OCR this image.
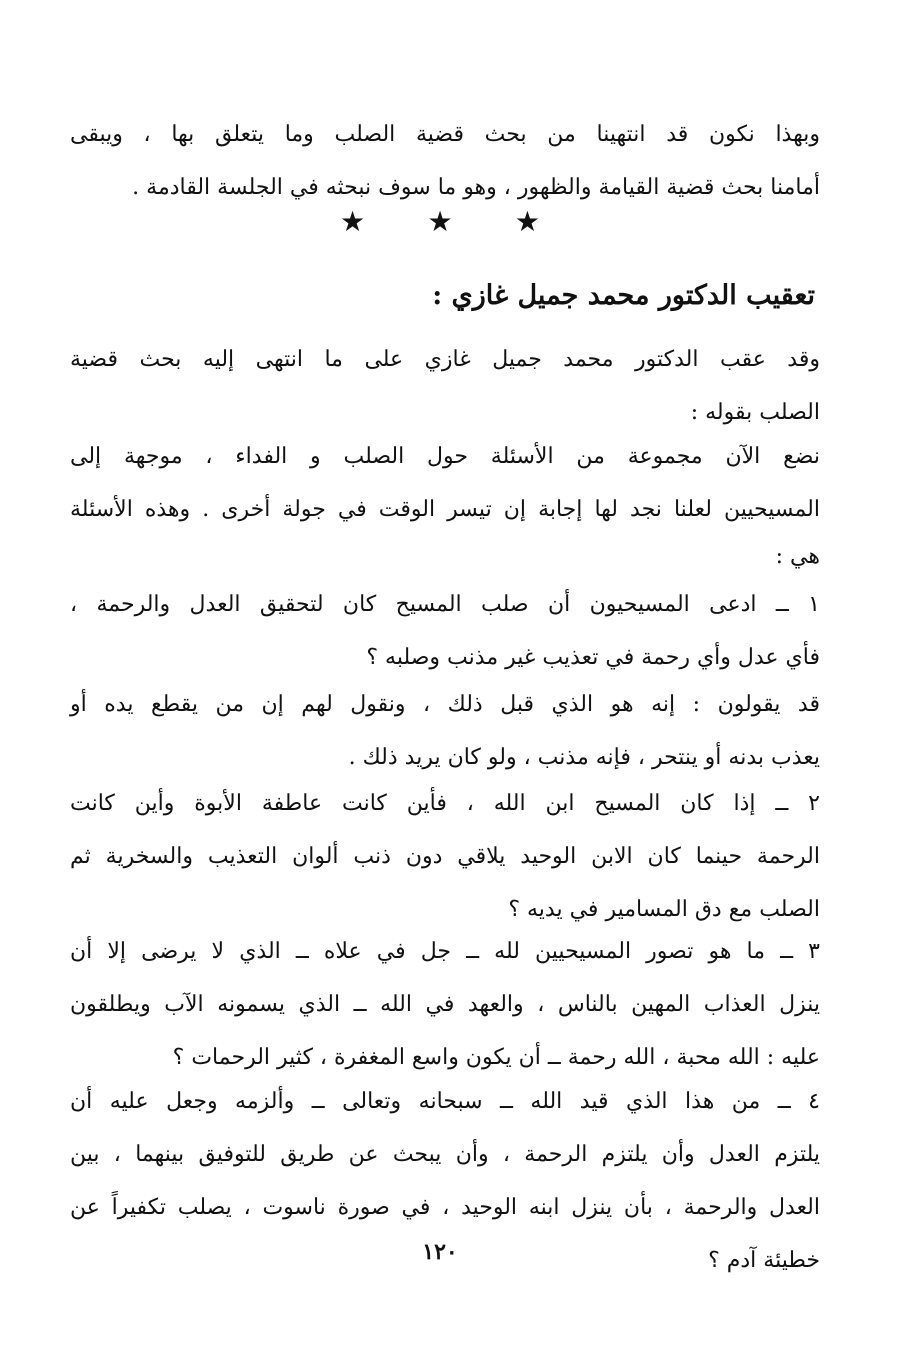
وبهذا نكون قد انتهينا من بحث قضية الصلب وما يتعلق بها ، ويبقى
أمامنا بحث قضية القيامة والظهور ، وهو ما سوف نبحثه في الجلسة القادمة .
★ ★ ★
تعقيب الدكتور محمد جميل غازي :
وقد عقب الدكتور محمد جميل غازي على ما انتهى إليه بحث قضية
الصلب بقوله :
نضع الآن مجموعة من الأسئلة حول الصلب و الفداء ، موجهة إلى
المسيحيين لعلنا نجد لها إجابة إن تيسر الوقت في جولة أخرى . وهذه الأسئلة
هي :
١ ــ ادعى المسيحيون أن صلب المسيح كان لتحقيق العدل والرحمة ،
فأي عدل وأي رحمة في تعذيب غير مذنب وصلبه ؟
قد يقولون : إنه هو الذي قبل ذلك ، ونقول لهم إن من يقطع يده أو
يعذب بدنه أو ينتحر ، فإنه مذنب ، ولو كان يريد ذلك .
٢ ــ إذا كان المسيح ابن الله ، فأين كانت عاطفة الأبوة وأين كانت
الرحمة حينما كان الابن الوحيد يلاقي دون ذنب ألوان التعذيب والسخرية ثم
الصلب مع دق المسامير في يديه ؟
٣ ــ ما هو تصور المسيحيين لله ــ جل في علاه ــ الذي لا يرضى إلا أن
ينزل العذاب المهين بالناس ، والعهد في الله ــ الذي يسمونه الآب ويطلقون
عليه : الله محبة ، الله رحمة ــ أن يكون واسع المغفرة ، كثير الرحمات ؟
٤ ــ من هذا الذي قيد الله ــ سبحانه وتعالى ــ وألزمه وجعل عليه أن
يلتزم العدل وأن يلتزم الرحمة ، وأن يبحث عن طريق للتوفيق بينهما ، بين
العدل والرحمة ، بأن ينزل ابنه الوحيد ، في صورة ناسوت ، يصلب تكفيراً عن
خطيئة آدم ؟
١٢٠
